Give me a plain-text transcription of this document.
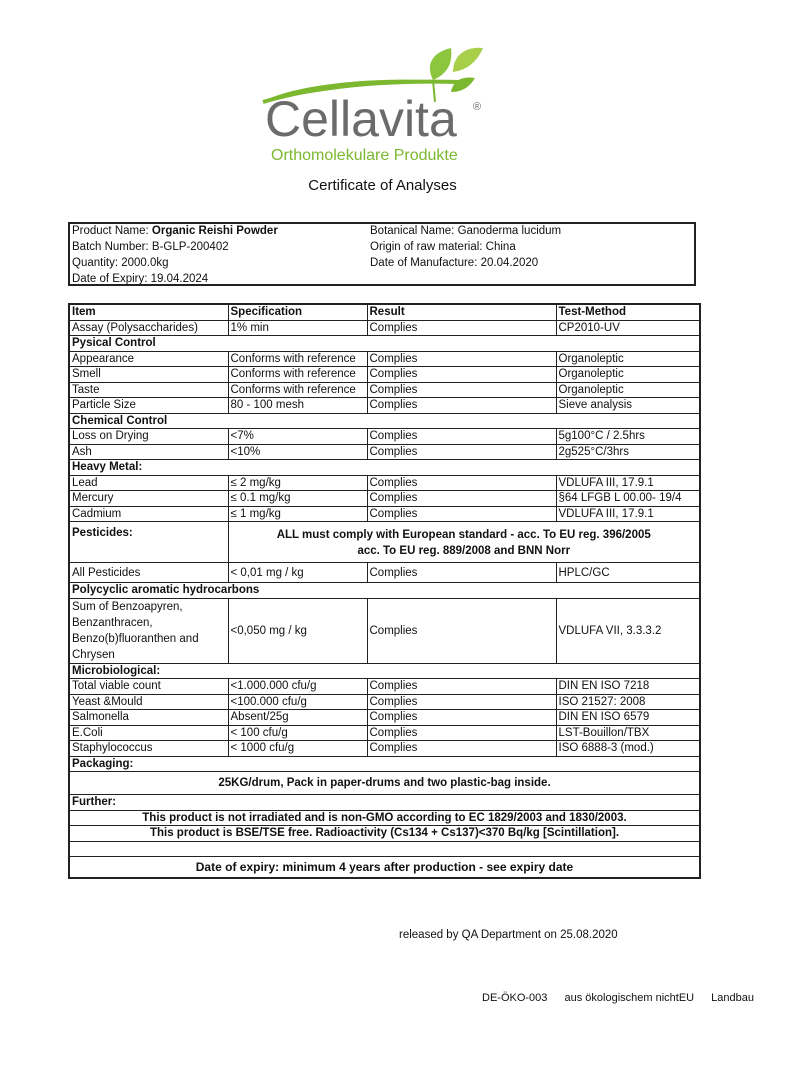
Cellavita ®
Orthomolekulare Produkte
Certificate of Analyses
Product Name: Organic Reishi Powder
Batch Number: B-GLP-200402
Quantity: 2000.0kg
Date of Expiry: 19.04.2024
Botanical Name: Ganoderma lucidum
Origin of raw material: China
Date of Manufacture: 20.04.2020
Item	Specification	Result	Test-Method
Assay (Polysaccharides)	1% min	Complies	CP2010-UV
Pysical Control			
Appearance	Conforms with reference	Complies	Organoleptic
Smell	Conforms with reference	Complies	Organoleptic
Taste	Conforms with reference	Complies	Organoleptic
Particle Size	80 - 100 mesh	Complies	Sieve analysis
Chemical Control			
Loss on Drying	<7%	Complies	5g100°C / 2.5hrs
Ash	<10%	Complies	2g525°C/3hrs
Heavy Metal:			
Lead	≤ 2 mg/kg	Complies	VDLUFA III, 17.9.1
Mercury	≤ 0.1 mg/kg	Complies	§64 LFGB L 00.00- 19/4
Cadmium	≤ 1 mg/kg	Complies	VDLUFA III, 17.9.1
Pesticides:	ALL must comply with European standard - acc. To EU reg. 396/2005
acc. To EU reg. 889/2008 and BNN Norr		

All Pesticides	< 0,01 mg / kg	Complies	HPLC/GC
Polycyclic aromatic hydrocarbons			

Sum of Benzoapyren,
Benzanthracen,
Benzo(b)fluoranthen and
Chrysen	<0,050 mg / kg	Complies	VDLUFA VII, 3.3.3.2
Microbiological:			
Total viable count	<1.000.000 cfu/g	Complies	DIN EN ISO 7218
Yeast &Mould	<100.000 cfu/g	Complies	ISO 21527: 2008
Salmonella	Absent/25g	Complies	DIN EN ISO 6579
E.Coli	< 100 cfu/g	Complies	LST-Bouillon/TBX
Staphylococcus	< 1000 cfu/g	Complies	ISO 6888-3 (mod.)
Packaging:			
25KG/drum, Pack in paper-drums and two plastic-bag inside.			
Further:			
This product is not irradiated and is non-GMO according to EC 1829/2003 and 1830/2003.			
This product is BSE/TSE free. Radioactivity (Cs134 + Cs137)<370 Bq/kg [Scintillation].			

Date of expiry: minimum 4 years after production - see expiry date			
released by QA Department on 25.08.2020
DE-ÖKO-003 aus ökologischem nichtEU Landbau
